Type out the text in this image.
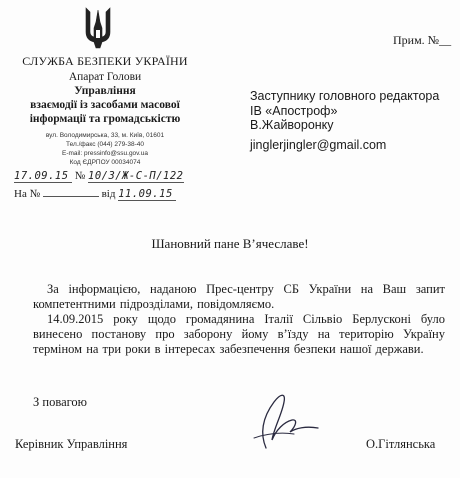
Прим. №__
СЛУЖБА БЕЗПЕКИ УКРАЇНИ
Апарат Голови
Управління
взаємодії із засобами масової
інформації та громадськістю
вул. Володимирська, 33, м. Київ, 01601
Тел./факс (044) 279-38-40
E-mail: pressinfo@ssu.gov.ua
Код ЄДРПОУ 00034074
17.09.15 № 10/3/Ж-С-П/122
На №	від 11.09.15
Заступнику головного редактора
ІВ «Апостроф»
В.Жайворонку
jinglerjingler@gmail.com
Шановний пане В’ячеславе!
За інформацією, наданою Прес-центру СБ України на Ваш запит компетентними підрозділами, повідомляємо.
14.09.2015 року щодо громадянина Італії Сільвіо Берлусконі було винесено постанову про заборону йому в’їзду на територію Україну терміном на три роки в інтересах забезпечення безпеки нашої держави.
З повагою
Керівник Управління	О.Гітлянська
